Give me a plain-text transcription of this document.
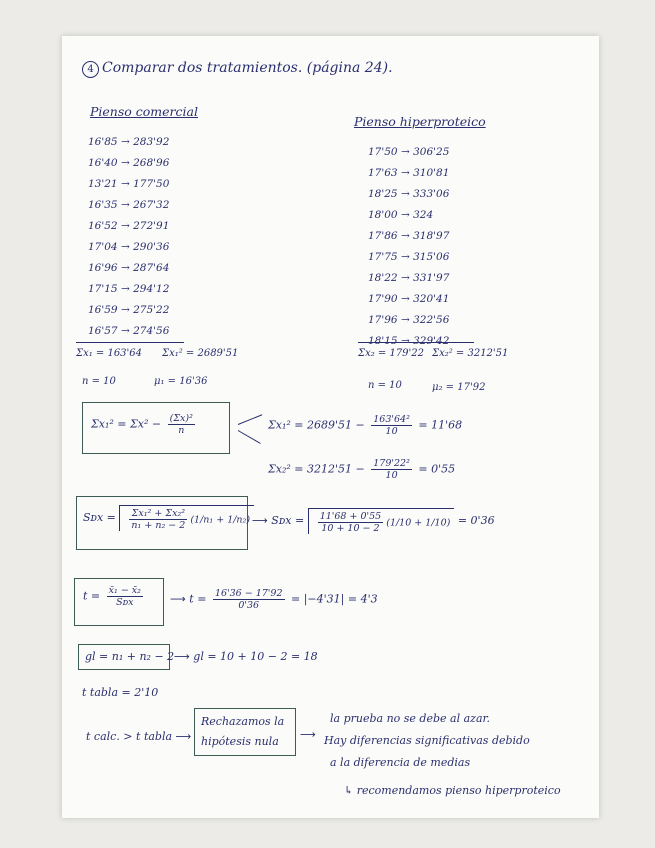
4 Comparar dos tratamientos. (página 24).
Pienso comercial
16'85 → 283'92
16'40 → 268'96
13'21 → 177'50
16'35 → 267'32
16'52 → 272'91
17'04 → 290'36
16'96 → 287'64
17'15 → 294'12
16'59 → 275'22
16'57 → 274'56
Σx₁ = 163'64 Σx₁² = 2689'51
n = 10	μ₁ = 16'36
Pienso hiperproteico
17'50 → 306'25
17'63 → 310'81
18'25 → 333'06
18'00 → 324
17'86 → 318'97
17'75 → 315'06
18'22 → 331'97
17'90 → 320'41
17'96 → 322'56
18'15 → 329'42
Σx₂ = 179'22 Σx₂² = 3212'51
n = 10	μ₂ = 17'92
$\Sigma x_1^2 = \Sigma x^2 - \frac{\text{(Σx)²}}{n}$	$\Sigma x_1^2 = 2689'51 - \frac{\text{163'64²}}{10} = 11'68$
$\Sigma x_2^2 = 3212'51 - \frac{\text{179'22²}}{10} = 0'55$
Sᴅx = $\frac{\text{Σx₁² + Σx₂²}}{\text{n₁ + n₂ − 2}} (1/n_1 + 1/n_2)$ ⟶ Sᴅx = $\frac{11'68 + 0'55}{10 + 10 - 2} (1/10 + 1/10) = 0'36$
$t = \frac{\text{x̄₁ − x̄₂}}{\text{Sᴅx}}$ ⟶ $t = \frac{16'36 - 17'92}{0'36} = |-4'31| = 4'3$
gl = n₁ + n₂ − 2 ⟶ gl = 10 + 10 − 2 = 18
t tabla = 2'10
t calc. > t tabla ⟶
Rechazamos la
hipótesis nula
⟶
la prueba no se debe al azar.
Hay diferencias significativas debido
a la diferencia de medias
↳ recomendamos pienso hiperproteico
